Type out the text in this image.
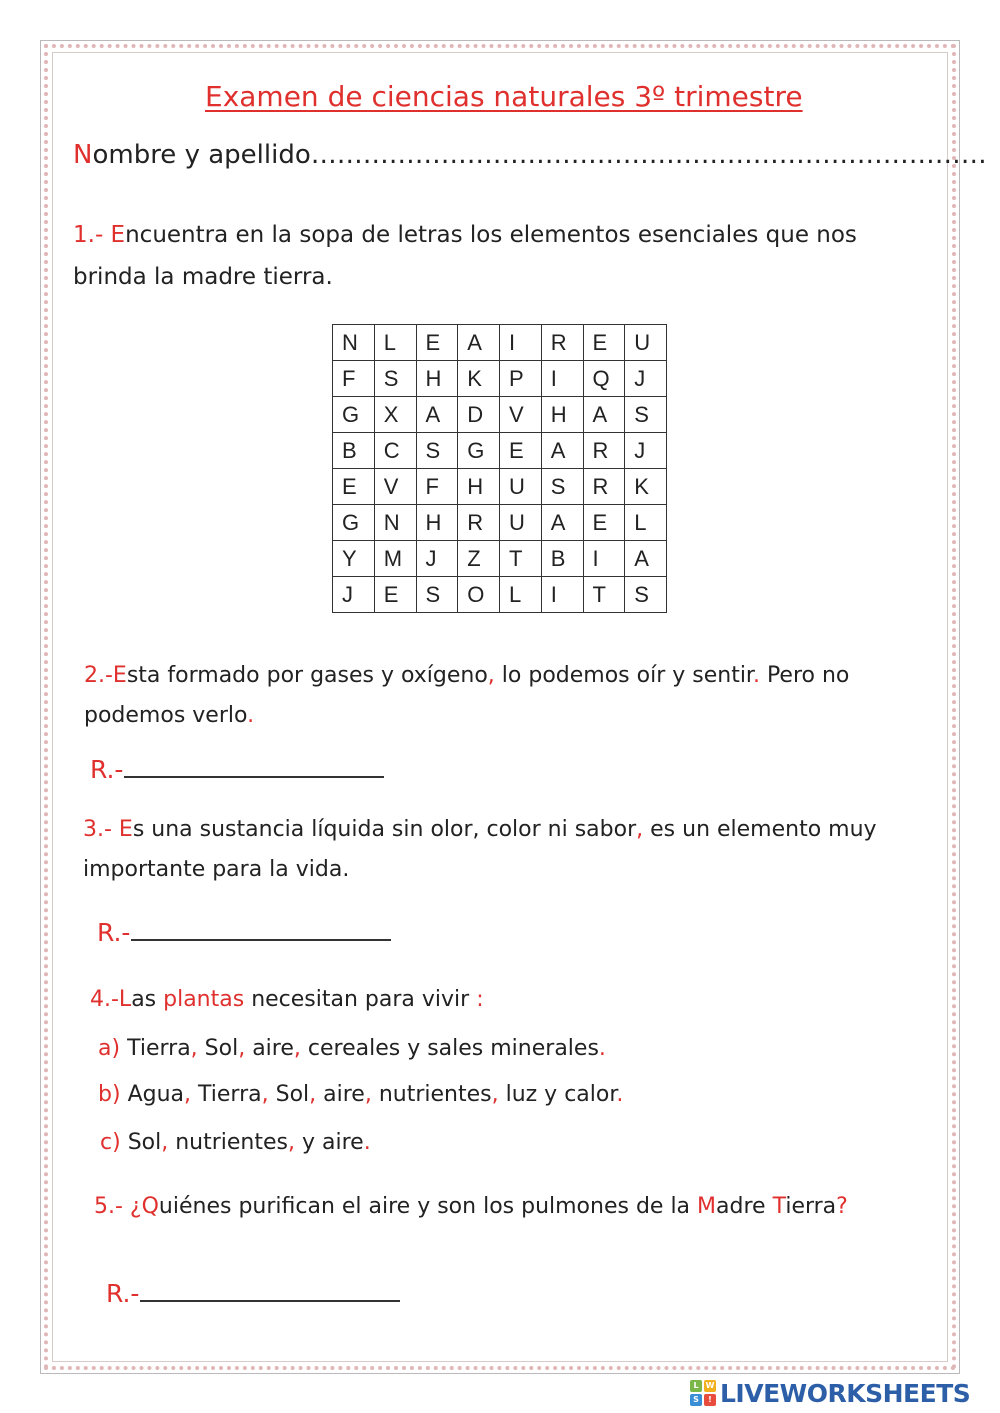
Examen de ciencias naturales 3º trimestre
Nombre y apellido……………………………………………………………………
1.- Encuentra en la sopa de letras los elementos esenciales que nos brinda la madre tierra.
N	L	E	A	I	R	E	U
F	S	H	K	P	I	Q	J
G	X	A	D	V	H	A	S
B	C	S	G	E	A	R	J
E	V	F	H	U	S	R	K
G	N	H	R	U	A	E	L
Y	M	J	Z	T	B	I	A
J	E	S	O	L	I	T	S
2.-Esta formado por gases y oxígeno, lo podemos oír y sentir. Pero no podemos verlo.
R.-
3.- Es una sustancia líquida sin olor, color ni sabor, es un elemento muy importante para la vida.
R.-
4.-Las plantas necesitan para vivir :
a) Tierra, Sol, aire, cereales y sales minerales.
b) Agua, Tierra, Sol, aire, nutrientes, luz y calor.
c) Sol, nutrientes, y aire.
5.- ¿Quiénes purifican el aire y son los pulmones de la Madre Tierra?
R.-
L W
S	! LIVEWORKSHEETS
